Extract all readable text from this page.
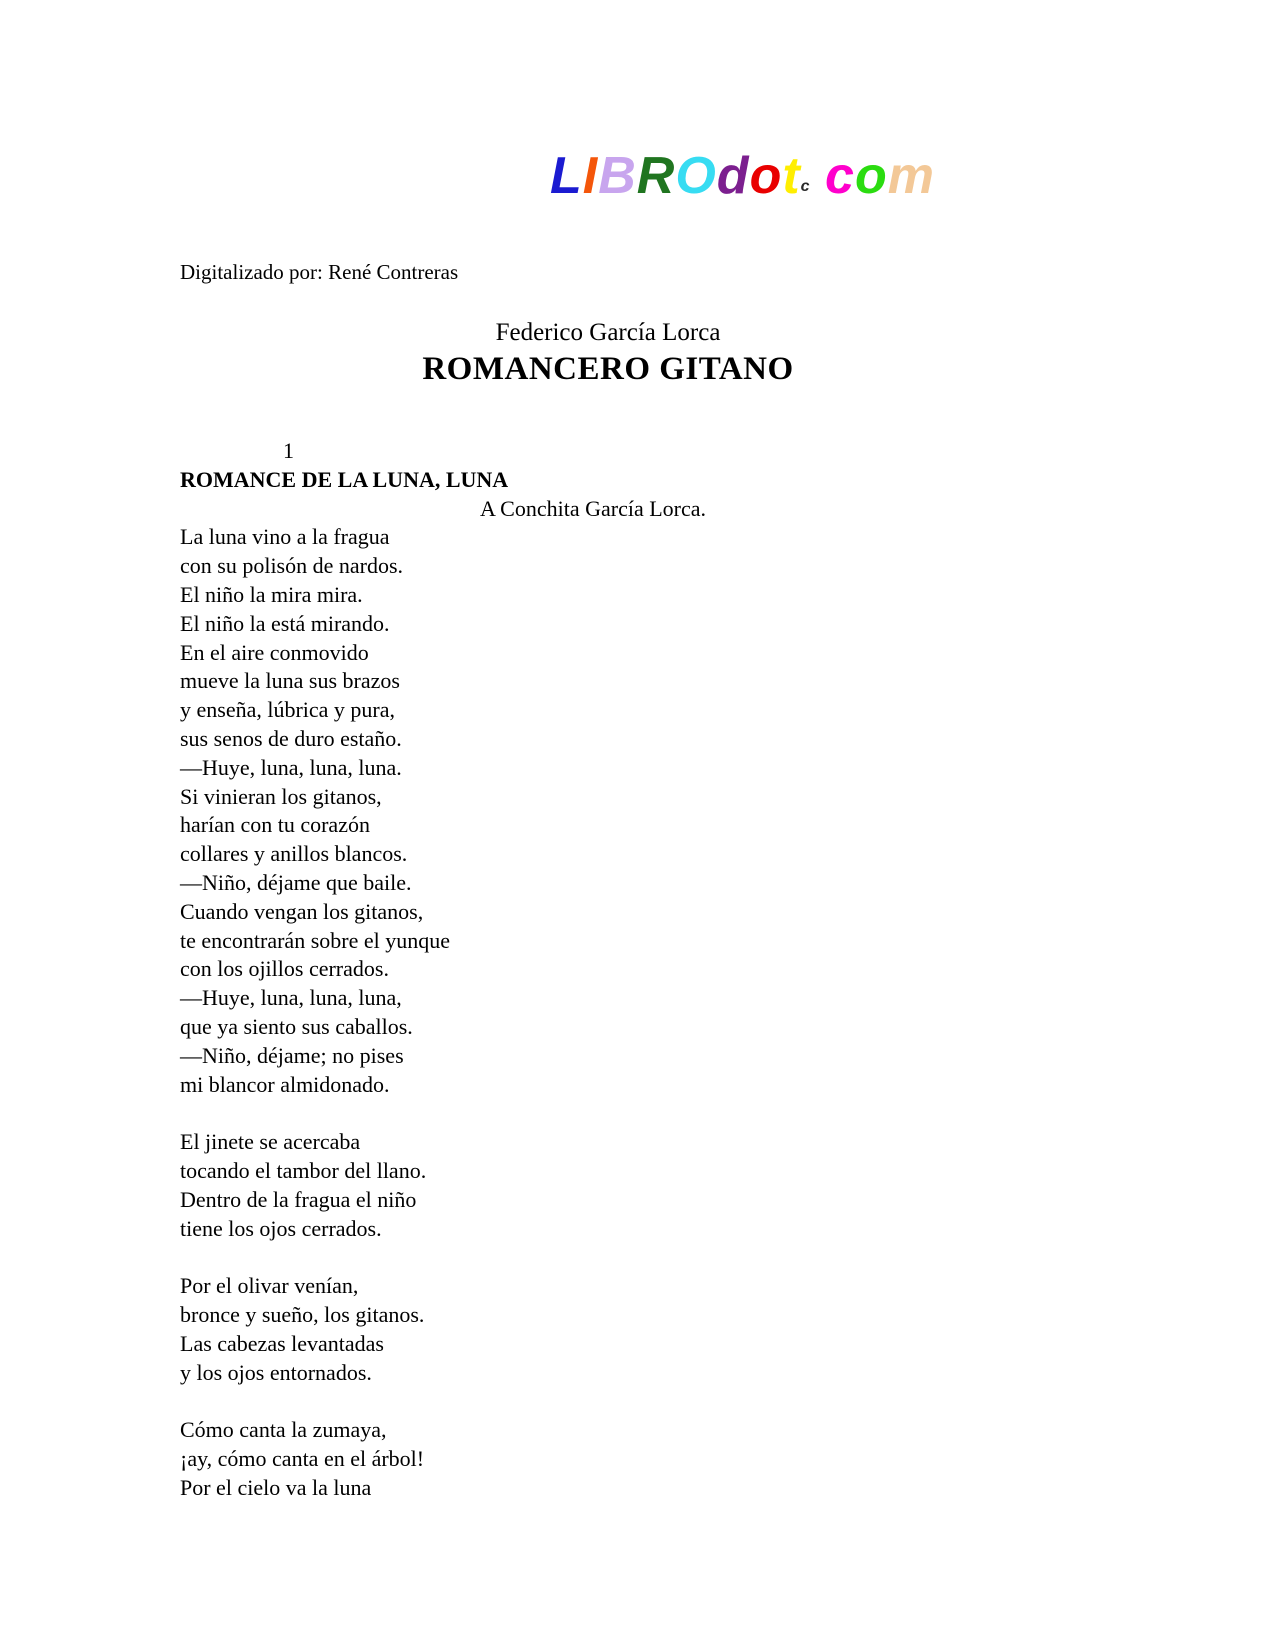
LIBROdotc com
Digitalizado por: René Contreras
Federico García Lorca
ROMANCERO GITANO
1
ROMANCE DE LA LUNA, LUNA
A Conchita García Lorca.
La luna vino a la fragua
con su polisón de nardos.
El niño la mira mira.
El niño la está mirando.
En el aire conmovido
mueve la luna sus brazos
y enseña, lúbrica y pura,
sus senos de duro estaño.
—Huye, luna, luna, luna.
Si vinieran los gitanos,
harían con tu corazón
collares y anillos blancos.
—Niño, déjame que baile.
Cuando vengan los gitanos,
te encontrarán sobre el yunque
con los ojillos cerrados.
—Huye, luna, luna, luna,
que ya siento sus caballos.
—Niño, déjame; no pises
mi blancor almidonado.
El jinete se acercaba
tocando el tambor del llano.
Dentro de la fragua el niño
tiene los ojos cerrados.
Por el olivar venían,
bronce y sueño, los gitanos.
Las cabezas levantadas
y los ojos entornados.
Cómo canta la zumaya,
¡ay, cómo canta en el árbol!
Por el cielo va la luna
